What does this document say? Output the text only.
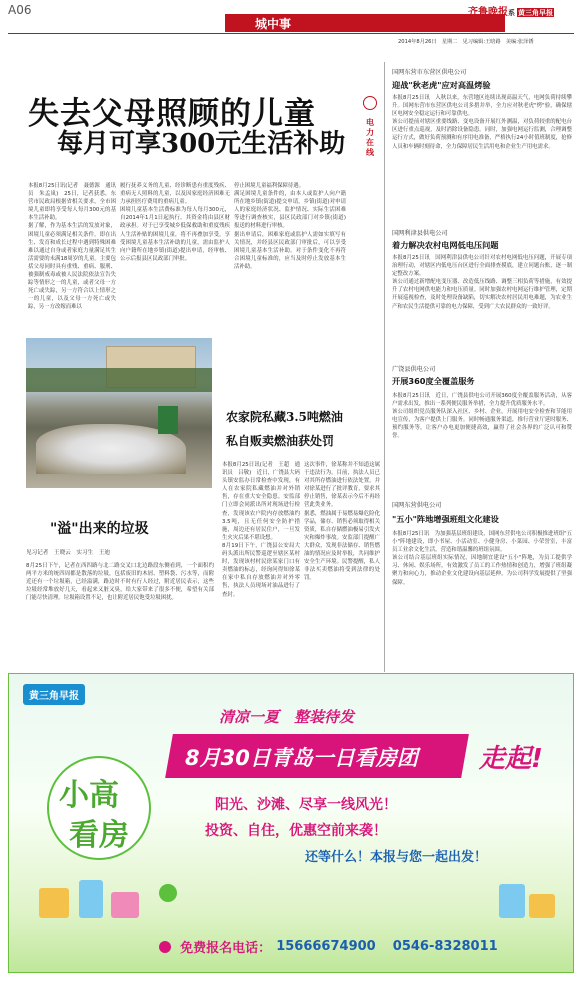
A06
城中事
齐鲁晚报系 黄三角早报
2014年8月26日　星期二　见习编辑:王晗路　美编:张泽锈
失去父母照顾的儿童
每月可享300元生活补助
电力在线
本报8月25日讯(记者　聂德源　通讯员　朱孟岚)　25日，记者获悉，东营市民政局根据省相关要求，全市困境儿童即将享受每人每月300元的基本生活补助。
据了解，作为基本生活的发放对象，困境儿童必须满足相关条件。即在出生、发育和成长过程中遇到特殊困难难以通过自身或者家庭力量满足其生活需要的未满18周岁的儿童。主要包括父母同时具有重残、重病、服刑、被强制戒毒或被人民法院依法宣告失踪等情形之一的儿童，或者父母一方死亡或失踪，另一方符合以上情形之一的儿童，以及父母一方死亡或失踪，另一方改嫁而难以
履行抚养义务的儿童、经诊断患有重度残疾、重病无人照料的儿童，以及因家庭经济困难无力承担医疗费用的重病儿童。
困境儿童基本生活费标准为每人每月300元，自2014年1月1日起执行。其资金将由县区财政承担。对于已享受城乡低保救助和重度残疾人生活补贴的困境儿童，将不再叠加享受。享受困境儿童基本生活补助的儿童，需由监护人向户籍所在地乡镇(街道)提出申请，经审核、公示后报县区民政部门审批。
停止困境儿童福利保障待遇。
满足困境儿童条件的，由本人或监护人向户籍所在地乡镇(街道)提交申请，乡镇(街道)对申请人的家庭经济状况、监护情况、实际生活困难等进行调查核实，县区民政部门对乡镇(街道)报送的材料进行审核。
据出申请后，困难家庭或监护人需如实填写有关情况，并经县区民政部门审批后，可以享受困境儿童基本生活补助。对于条件变化不再符合困境儿童标准的，应当及时停止发放基本生活补助。
"溢"出来的垃圾
见习记者　王晓云　实习生　王迪
8月25日下午，记者在西四路与北二路交叉口北边路段东侧看到，一个面积约两平方米的统四周都是散落的垃圾，包括废旧的木屑、塑料袋、污水等，而附近还有一个垃圾箱，已经溢满，路边时不时有行人经过，附近居民表示，这些垃圾经常堆放好几天，看起来又脏又臭，给大家带来了很多不便，希望有关部门能尽快清理。垃圾箱设置不足，也让附近居民饱受垃圾困扰。
农家院私藏3.5吨燃油
私自贩卖燃油获处罚
本报8月25日讯(记者　王超　通讯员　吕敬)　近日，广饶县大码头镇安监办日常检查中发现，有人在农家院私藏燃油并对外销售，存在重大安全隐患。安监部门立即会同派出所对现场进行检查，发现该农户院内存放燃油约3.5吨，且无任何安全防护措施，周边还有居民住户，一旦发生火灾后果不堪设想。
8月19日下午，广饶县公安局大码头派出所民警巡逻至辖区某村时，发现该村村民徐某家门口有卖燃油的标志，经询问得知徐某在家中私自存放燃油并对外零售，执法人员现场对油品进行了查封。
这次事件，徐某称并不知道这属于违法行为。目前，执法人员已对其所存燃油进行依法处置，并对徐某进行了批评教育，要求其停止销售，徐某表示今后不再经营此类业务。
据悉，燃油属于易燃易爆危险化学品，储存、销售必须取得相关资质，私自存储燃油极易引发火灾和爆炸事故。安监部门提醒广大群众，发现非法储存、销售燃油的情况应及时举报，共同维护安全生产环境。民警提醒，私人非法买卖燃油将受到法律的处罚。
国网东营市东营区供电公司
迎战"秋老虎"应对高温烤验
本报8月25日讯　入秋以来，东营地区连续出现高温天气，电网负荷持续攀升。国网东营市东营区供电公司多措并举，全力应对秋老虎"烤"验，确保辖区电网安全稳定运行和可靠供电。
该公司提前对辖区重要线路、变电设备开展红外测温，对负荷较重的配电台区进行重点巡视，及时消除设备隐患。同时，加强电网运行监测，合理调整运行方式，做好负荷预测和有序用电准备，严格执行24小时值班制度，抢修人员和车辆时刻待命，全力保障居民生活用电和企业生产用电需求。
国网利津县供电公司
着力解决农村电网低电压问题
本报8月25日讯　国网利津县供电公司针对农村电网低电压问题，开展专项治理行动，对辖区内低电压台区进行全面排查摸底，建立问题台账，逐一制定整改方案。
该公司通过新增配电变压器、改造低压线路、调整三相负荷等措施，有效提升了农村电网供电能力和电压质量。同时加强农村电网运行维护管理，定期开展巡视检查，及时处理设备缺陷，切实解决农村居民用电难题，为农业生产和农民生活提供可靠的电力保障，受到广大农民群众的一致好评。
广饶县供电公司
开展360度全覆盖服务
本报8月25日讯　近日，广饶县供电公司开展360度全覆盖服务活动，从客户需求出发，推出一系列便民服务举措，全力提升优质服务水平。
该公司组织党员服务队深入社区、乡村、企业，开展用电安全检查和节能用电宣传，为客户提供上门服务。同时畅通服务渠道，推行营业厅延时服务、预约服务等，让客户办电更加便捷高效，赢得了社会各界的广泛认可和赞誉。
国网东营供电公司
"五小"阵地增强班组文化建设
本报8月25日讯　为加强基层班组建设，国网东营供电公司积极推进班组"五小"阵地建设，即小书屋、小活动室、小健身房、小菜园、小荣誉室，丰富员工业余文化生活，营造和谐温馨的班组氛围。
该公司结合基层班组实际情况，因地制宜建设"五小"阵地，为员工提供学习、休闲、娱乐场所，有效激发了员工的工作热情和创造力，增强了班组凝聚力和向心力，推动企业文化建设向基层延伸，为公司科学发展提供了坚强保障。
黄三角早报
清凉一夏　整装待发
8月30日青岛一日看房团 走起!
小高
看房
阳光、沙滩、尽享一线风光！
投资、自住，优惠空前来袭！
还等什么！本报与您一起出发！
免费报名电话： 15666674900 0546-8328011
